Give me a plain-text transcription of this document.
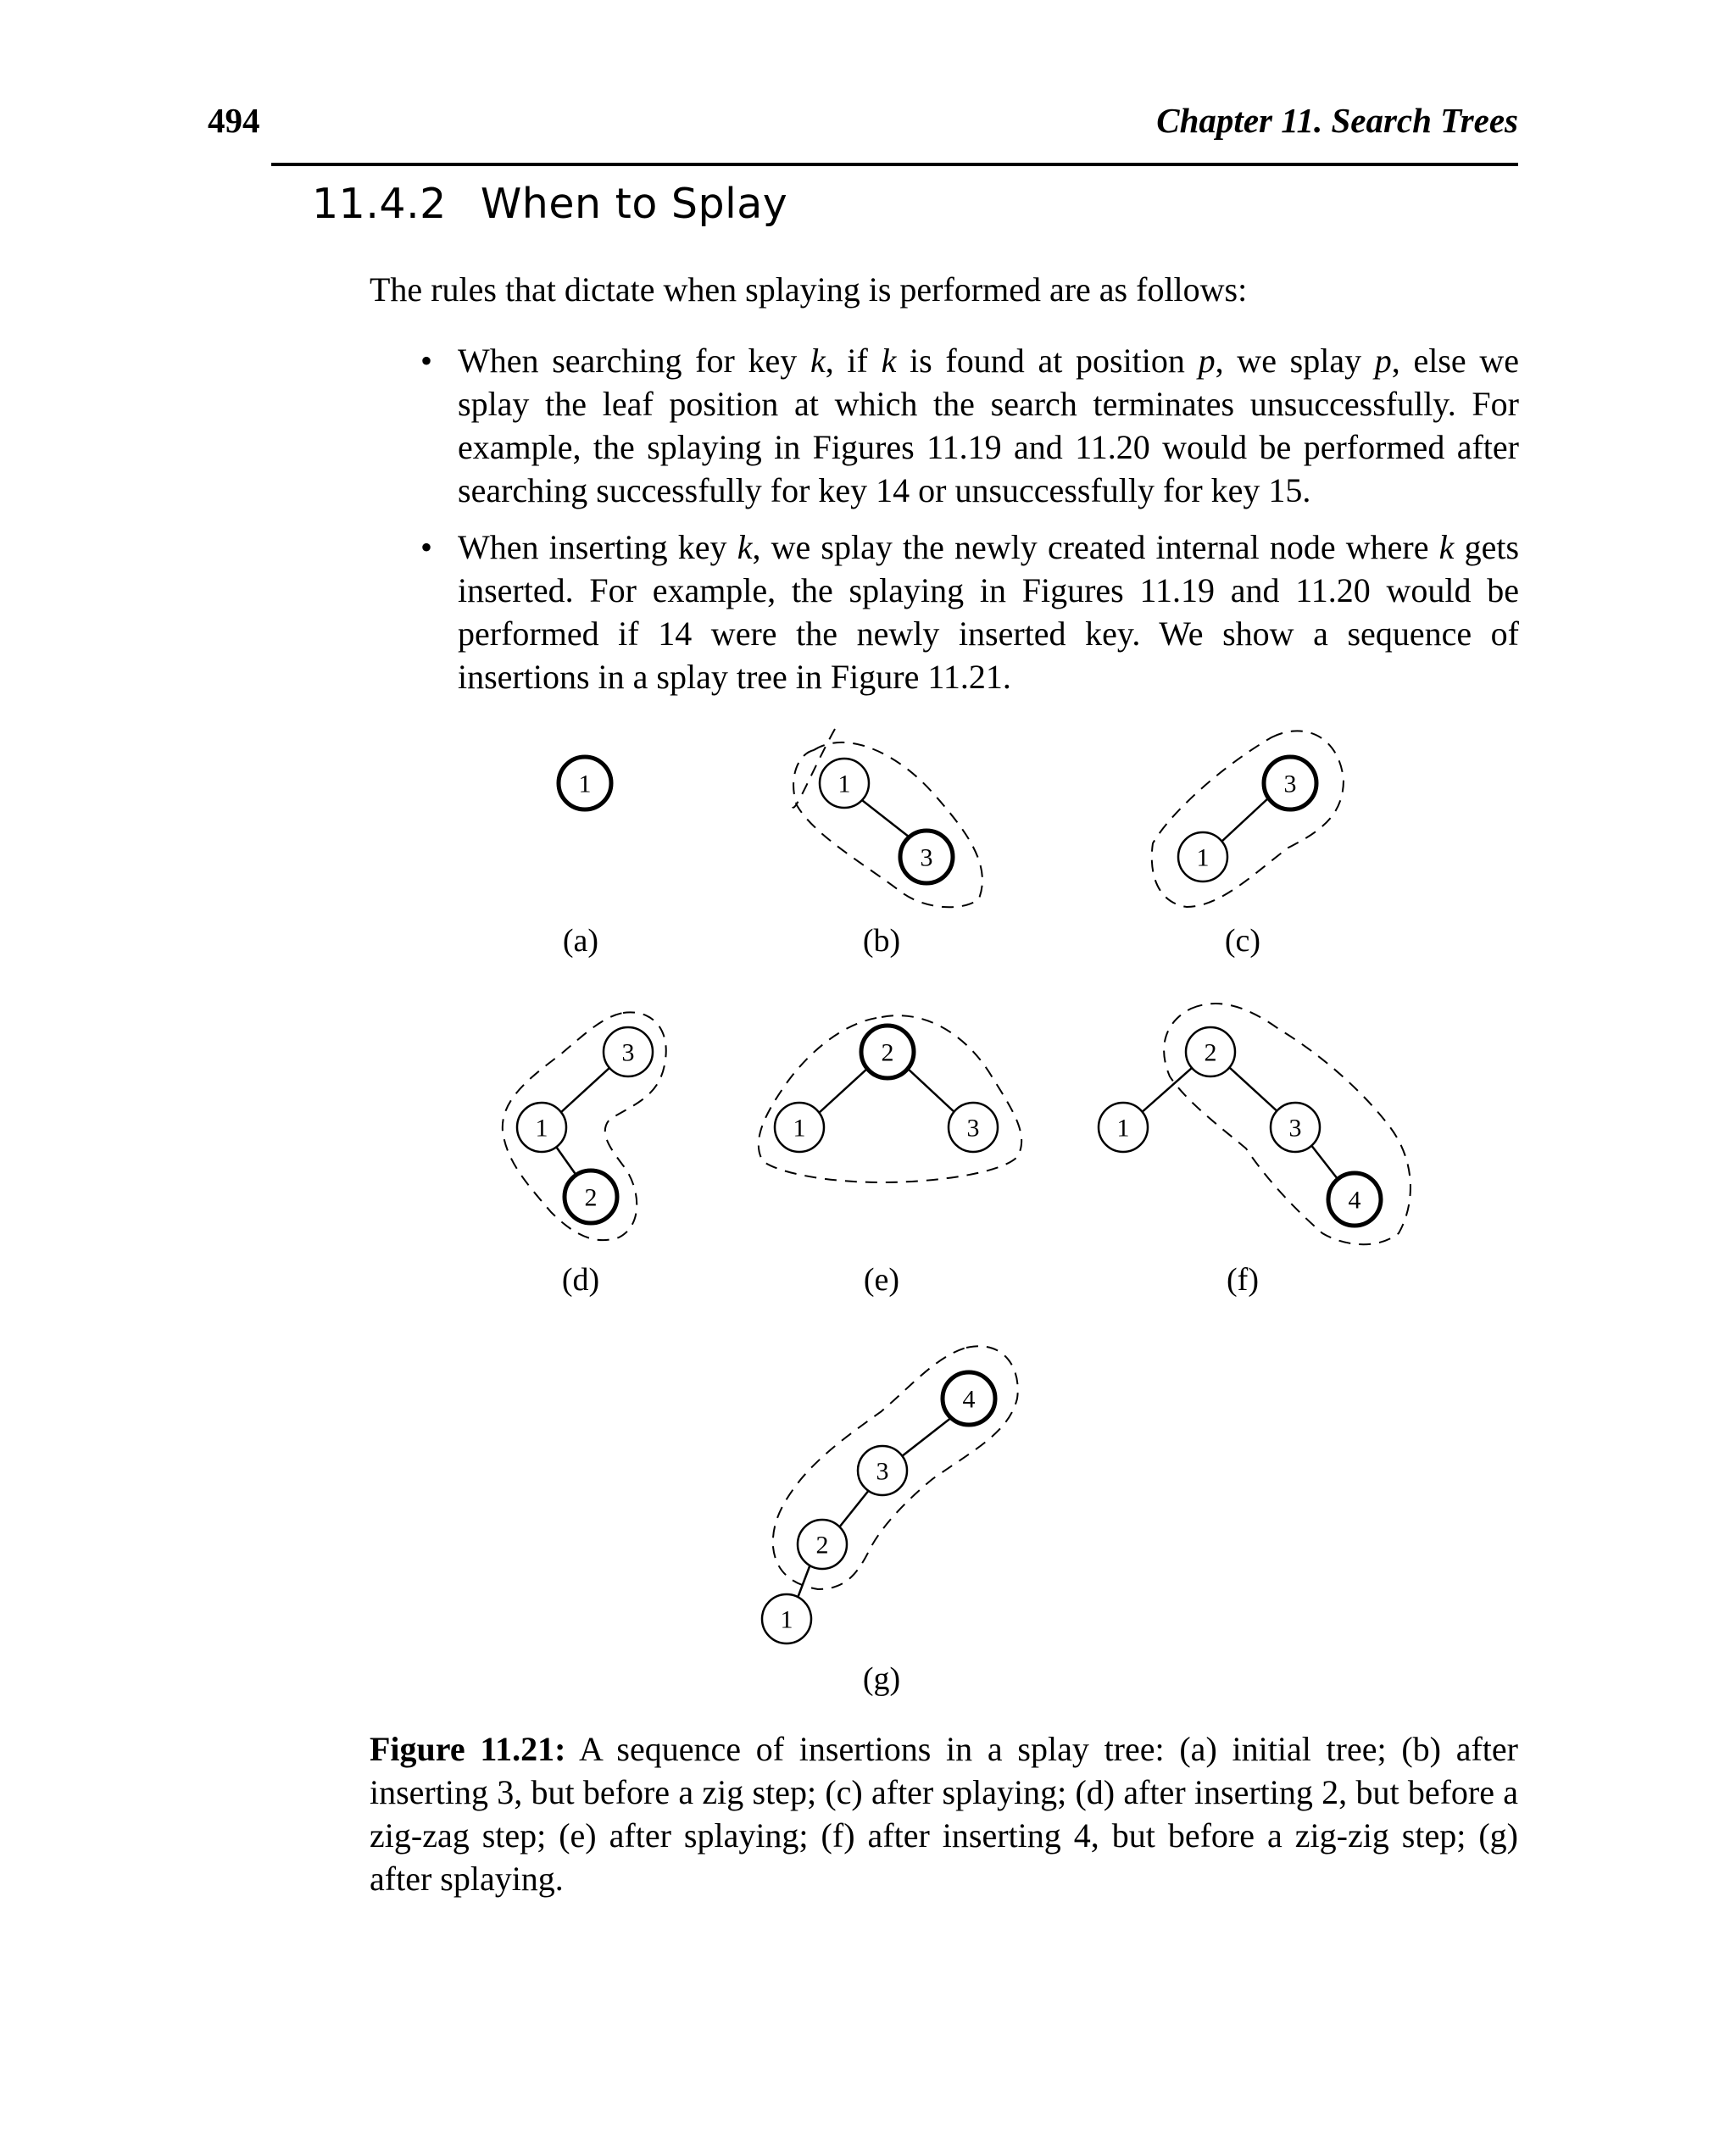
494	Chapter 11. Search Trees
11.4.2 When to Splay
The rules that dictate when splaying is performed are as follows:
• When searching for key k, if k is found at position p, we splay p, else we splay the leaf position at which the search terminates unsuccessfully. For example, the splaying in Figures 11.19 and 11.20 would be performed after searching successfully for key 14 or unsuccessfully for key 15.
• When inserting key k, we splay the newly created internal node where k gets inserted. For example, the splaying in Figures 11.19 and 11.20 would be performed if 14 were the newly inserted key. We show a sequence of insertions in a splay tree in Figure 11.21.
1	1
3
3
1
3
1
2
2
1	3
2
1	3
4
4
3
2
1
(a)	(b)	(c)
(d)	(e)	(f)
(g)
Figure 11.21: A sequence of insertions in a splay tree: (a) initial tree; (b) after inserting 3, but before a zig step; (c) after splaying; (d) after inserting 2, but before a zig-zag step; (e) after splaying; (f) after inserting 4, but before a zig-zig step; (g) after splaying.
